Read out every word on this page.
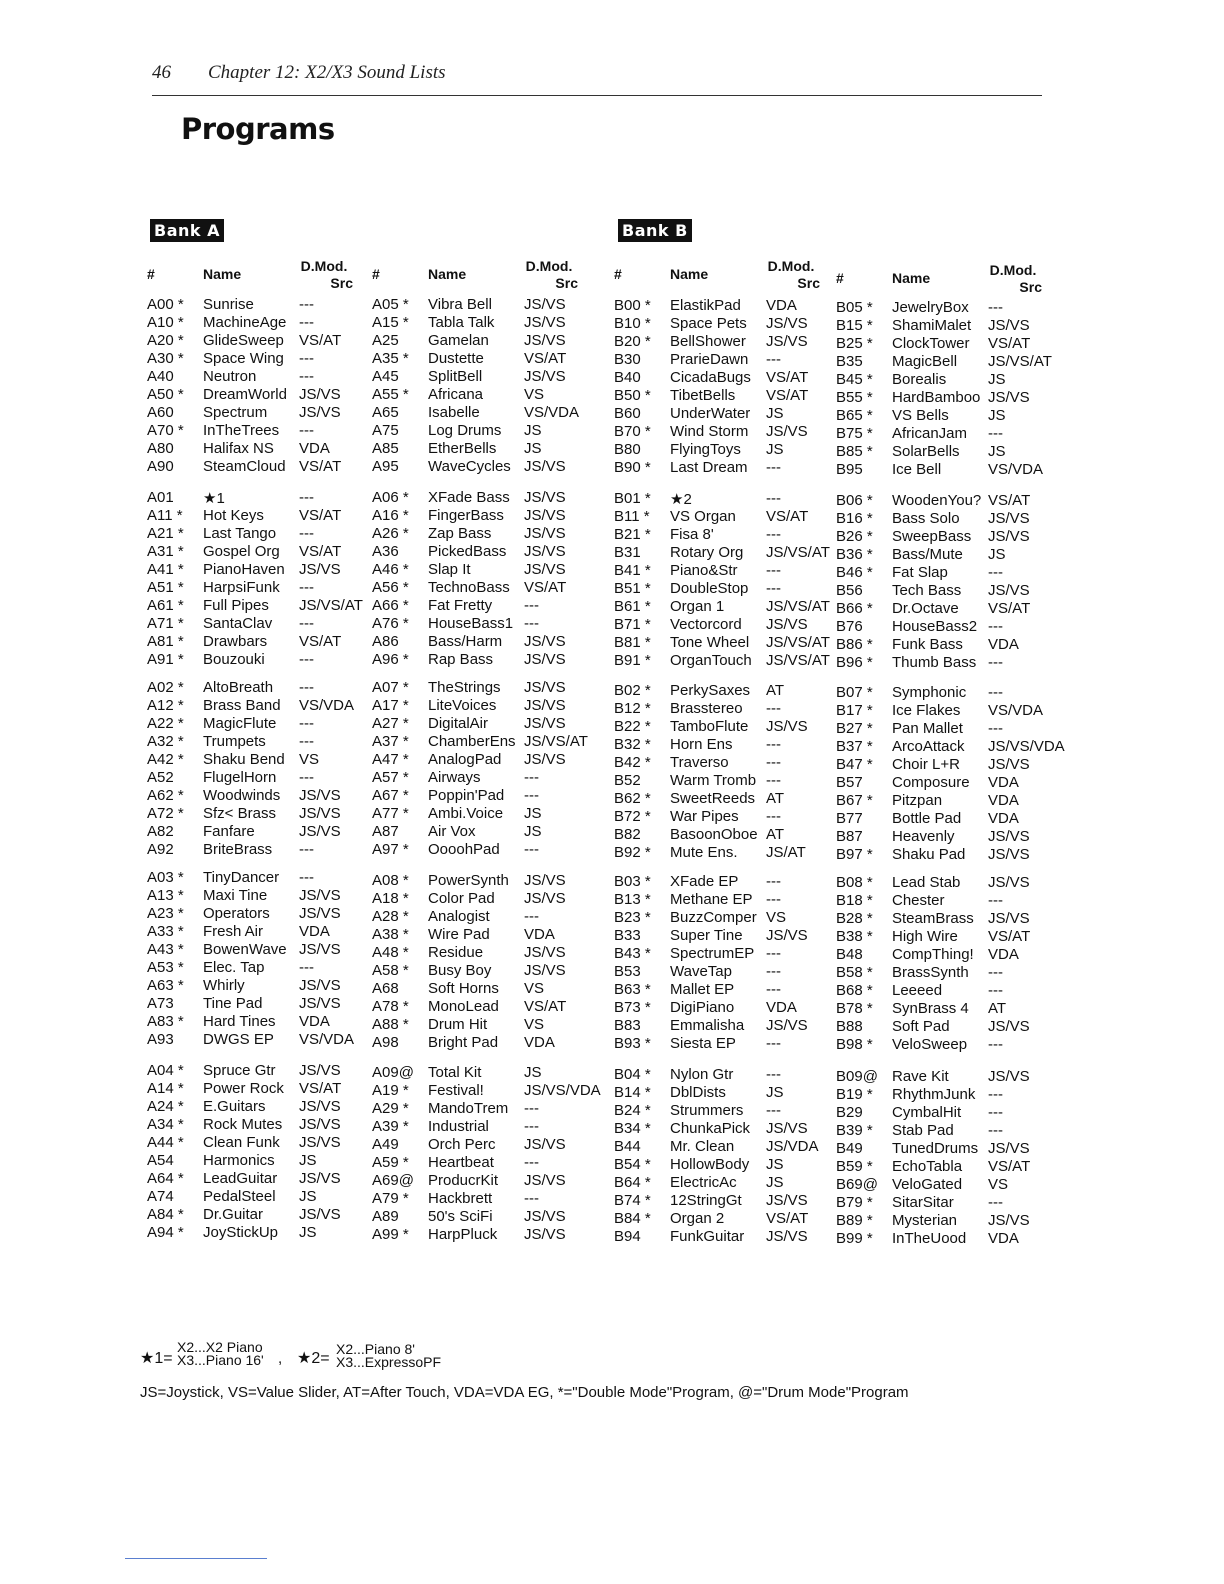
46 Chapter 12: X2/X3 Sound Lists
Programs
Bank A	Bank B
#	Name	D.Mod.
Src
A00 * Sunrise	---
A10 * MachineAge ---
A20 * GlideSweep VS/AT
A30 * Space Wing ---
A40 Neutron	---
A50 * DreamWorld JS/VS
A60 Spectrum JS/VS
A70 * InTheTrees ---
A80 Halifax NS VDA
A90 SteamCloud VS/AT
A01 ★1	---
A11 * Hot Keys VS/AT
A21 * Last Tango ---
A31 * Gospel Org VS/AT
A41 * PianoHaven JS/VS
A51 * HarpsiFunk ---
A61 * Full Pipes JS/VS/AT
A71 * SantaClav ---
A81 * Drawbars VS/AT
A91 * Bouzouki ---
A02 * AltoBreath ---
A12 * Brass Band VS/VDA
A22 * MagicFlute ---
A32 * Trumpets ---
A42 * Shaku Bend VS
A52 FlugelHorn ---
A62 * Woodwinds JS/VS
A72 * Sfz< Brass JS/VS
A82 Fanfare	JS/VS
A92 BriteBrass ---
A03 * TinyDancer ---
A13 * Maxi Tine JS/VS
A23 * Operators JS/VS
A33 * Fresh Air VDA
A43 * BowenWave JS/VS
A53 * Elec. Tap ---
A63 * Whirly	JS/VS
A73 Tine Pad JS/VS
A83 * Hard Tines VDA
A93 DWGS EP VS/VDA
A04 * Spruce Gtr JS/VS
A14 * Power Rock VS/AT
A24 * E.Guitars JS/VS
A34 * Rock Mutes JS/VS
A44 * Clean Funk JS/VS
A54 Harmonics JS
A64 * LeadGuitar JS/VS
A74 PedalSteel JS
A84 * Dr.Guitar JS/VS
A94 * JoyStickUp JS
#	Name	D.Mod.
Src
A05 * Vibra Bell JS/VS
A15 * Tabla Talk JS/VS
A25 Gamelan JS/VS
A35 * Dustette	VS/AT
A45 SplitBell	JS/VS
A55 * Africana	VS
A65 Isabelle	VS/VDA
A75 Log Drums JS
A85 EtherBells JS
A95 WaveCycles JS/VS
A06 * XFade Bass JS/VS
A16 * FingerBass JS/VS
A26 * Zap Bass JS/VS
A36 PickedBass JS/VS
A46 * Slap It	JS/VS
A56 * TechnoBass VS/AT
A66 * Fat Fretty ---
A76 * HouseBass1 ---
A86 Bass/Harm JS/VS
A96 * Rap Bass JS/VS
A07 * TheStrings JS/VS
A17 * LiteVoices JS/VS
A27 * DigitalAir JS/VS
A37 * ChamberEns JS/VS/AT
A47 * AnalogPad JS/VS
A57 * Airways	---
A67 * Poppin'Pad ---
A77 * Ambi.Voice JS
A87 Air Vox	JS
A97 * OooohPad ---
A08 * PowerSynth JS/VS
A18 * Color Pad JS/VS
A28 * Analogist ---
A38 * Wire Pad VDA
A48 * Residue	JS/VS
A58 * Busy Boy JS/VS
A68 Soft Horns VS
A78 * MonoLead VS/AT
A88 * Drum Hit VS
A98 Bright Pad VDA
A09@ Total Kit	JS
A19 * Festival!	JS/VS/VDA
A29 * MandoTrem ---
A39 * Industrial ---
A49 Orch Perc JS/VS
A59 * Heartbeat ---
A69@ ProducrKit JS/VS
A79 * Hackbrett ---
A89 50's SciFi JS/VS
A99 * HarpPluck JS/VS
#	Name	D.Mod.
Src
B00 * ElastikPad VDA
B10 * Space Pets JS/VS
B20 * BellShower JS/VS
B30 PrarieDawn ---
B40 CicadaBugs VS/AT
B50 * TibetBells VS/AT
B60 UnderWater JS
B70 * Wind Storm JS/VS
B80 FlyingToys JS
B90 * Last Dream ---
B01 * ★2	---
B11 * VS Organ VS/AT
B21 * Fisa 8'	---
B31 Rotary Org JS/VS/AT
B41 * Piano&Str ---
B51 * DoubleStop ---
B61 * Organ 1	JS/VS/AT
B71 * Vectorcord JS/VS
B81 * Tone Wheel JS/VS/AT
B91 * OrganTouch JS/VS/AT
B02 * PerkySaxes AT
B12 * Brasstereo ---
B22 * TamboFlute JS/VS
B32 * Horn Ens ---
B42 * Traverso ---
B52 Warm Tromb ---
B62 * SweetReeds AT
B72 * War Pipes ---
B82 BasoonOboe AT
B92 * Mute Ens. JS/AT
B03 * XFade EP ---
B13 * Methane EP ---
B23 * BuzzComper VS
B33 Super Tine JS/VS
B43 * SpectrumEP ---
B53 WaveTap ---
B63 * Mallet EP ---
B73 * DigiPiano VDA
B83 Emmalisha JS/VS
B93 * Siesta EP ---
B04 * Nylon Gtr ---
B14 * DblDists	JS
B24 * Strummers ---
B34 * ChunkaPick JS/VS
B44 Mr. Clean JS/VDA
B54 * HollowBody JS
B64 * ElectricAc JS
B74 * 12StringGt JS/VS
B84 * Organ 2	VS/AT
B94 FunkGuitar JS/VS
#	Name	D.Mod.
Src
B05 * JewelryBox ---
B15 * ShamiMalet JS/VS
B25 * ClockTower VS/AT
B35 MagicBell JS/VS/AT
B45 * Borealis	JS
B55 * HardBamboo JS/VS
B65 * VS Bells	JS
B75 * AfricanJam ---
B85 * SolarBells JS
B95 Ice Bell	VS/VDA
B06 * WoodenYou? VS/AT
B16 * Bass Solo JS/VS
B26 * SweepBass JS/VS
B36 * Bass/Mute JS
B46 * Fat Slap	---
B56 Tech Bass JS/VS
B66 * Dr.Octave VS/AT
B76 HouseBass2 ---
B86 * Funk Bass VDA
B96 * Thumb Bass ---
B07 * Symphonic ---
B17 * Ice Flakes VS/VDA
B27 * Pan Mallet ---
B37 * ArcoAttack JS/VS/VDA
B47 * Choir L+R JS/VS
B57 Composure VDA
B67 * Pitzpan	VDA
B77 Bottle Pad VDA
B87 Heavenly JS/VS
B97 * Shaku Pad JS/VS
B08 * Lead Stab JS/VS
B18 * Chester	---
B28 * SteamBrass JS/VS
B38 * High Wire VS/AT
B48 CompThing! VDA
B58 * BrassSynth ---
B68 * Leeeed	---
B78 * SynBrass 4 AT
B88 Soft Pad	JS/VS
B98 * VeloSweep ---
B09@ Rave Kit	JS/VS
B19 * RhythmJunk ---
B29 CymbalHit ---
B39 * Stab Pad ---
B49 TunedDrums JS/VS
B59 * EchoTabla VS/AT
B69@ VeloGated VS
B79 * SitarSitar ---
B89 * Mysterian JS/VS
B99 * InTheUood VDA
★1=
X2...X2 Piano
X3...Piano 16' , ★2=
X2...Piano 8'
X3...ExpressoPF
JS=Joystick, VS=Value Slider, AT=After Touch, VDA=VDA EG, *="Double Mode"Program, @="Drum Mode"Program
